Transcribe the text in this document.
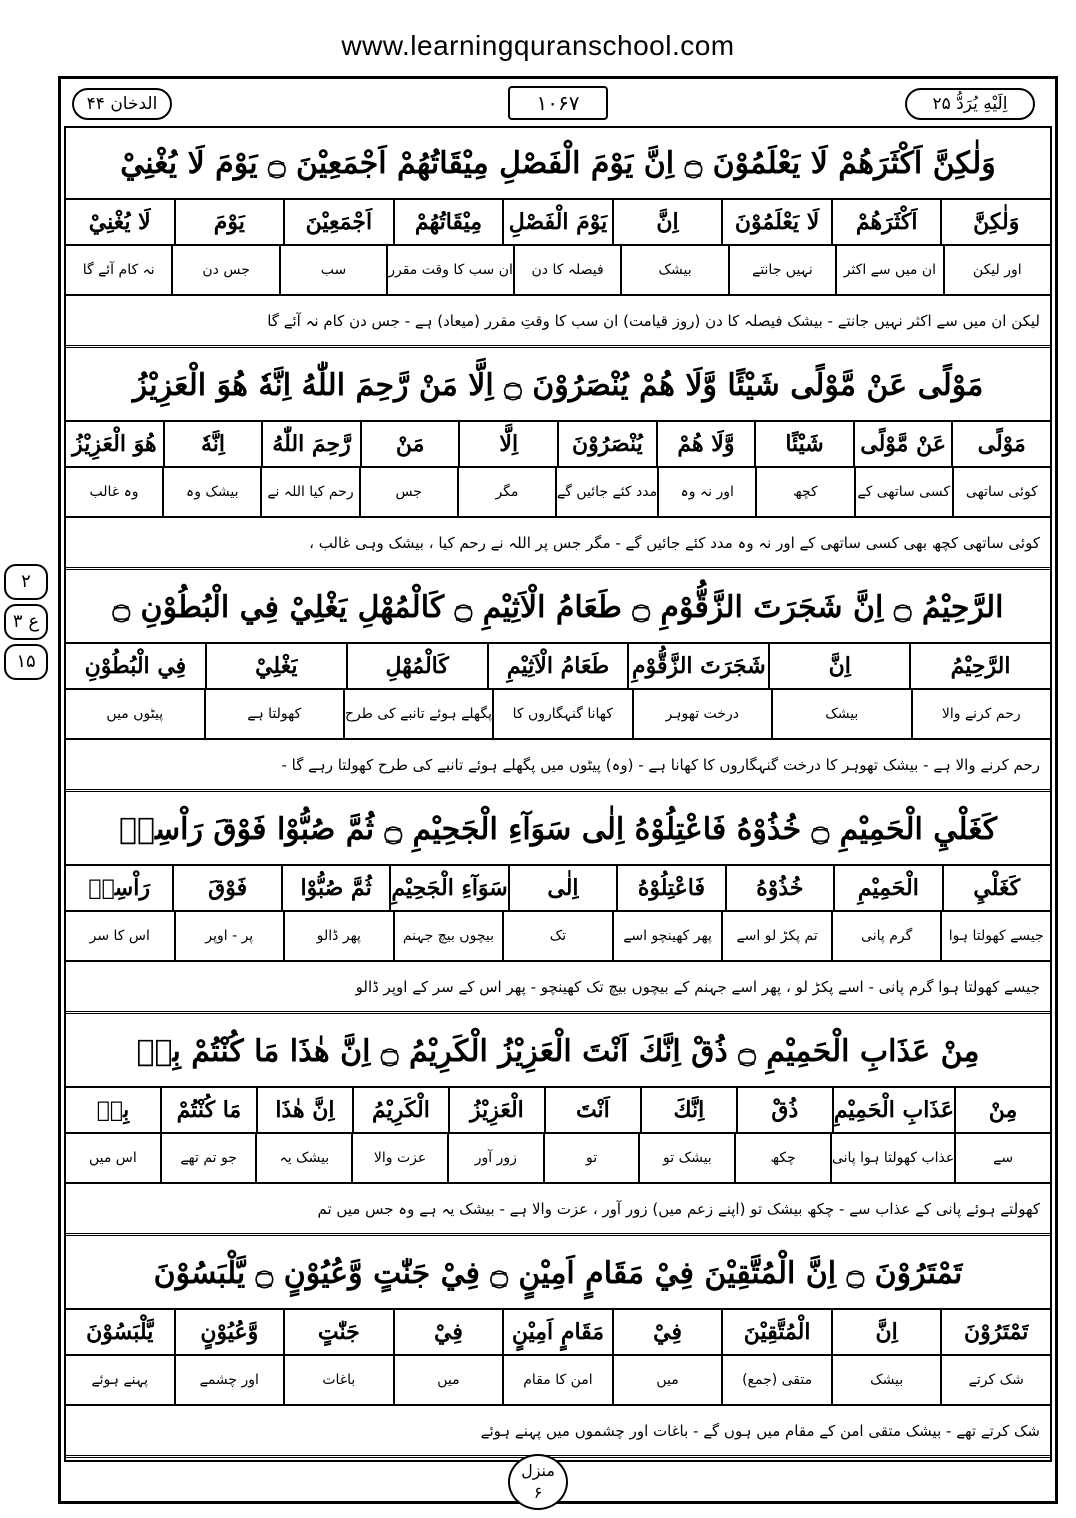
www.learningquranschool.com
الدخان ۴۴	۱۰۶۷	اِلَيْهِ يُرَدُّ ۲۵
۲
ع ۳
۱۵
وَلٰكِنَّ اَكْثَرَهُمْ لَا يَعْلَمُوْنَ ۝ اِنَّ يَوْمَ الْفَصْلِ مِيْقَاتُهُمْ اَجْمَعِيْنَ ۝ يَوْمَ لَا يُغْنِيْ
وَلٰكِنَّ
اَكْثَرَهُمْ
لَا يَعْلَمُوْنَ
اِنَّ
يَوْمَ الْفَصْلِ
مِيْقَاتُهُمْ
اَجْمَعِيْنَ
يَوْمَ
لَا يُغْنِيْ
اور لیکن
ان میں سے اکثر
نہیں جانتے
بیشک
فیصلہ کا دن
ان سب کا وقت مقرر
سب
جس دن
نہ کام آئے گا
لیکن ان میں سے اکثر نہیں جانتے - بیشک فیصلہ کا دن (روز قیامت) ان سب کا وقتِ مقرر (میعاد) ہے - جس دن کام نہ آئے گا
مَوْلًى عَنْ مَّوْلًى شَيْئًا وَّلَا هُمْ يُنْصَرُوْنَ ۝ اِلَّا مَنْ رَّحِمَ اللّٰهُ اِنَّهٗ هُوَ الْعَزِيْزُ
مَوْلًى
عَنْ مَّوْلًى
شَيْئًا
وَّلَا هُمْ
يُنْصَرُوْنَ
اِلَّا
مَنْ
رَّحِمَ اللّٰهُ
اِنَّهٗ
هُوَ الْعَزِيْزُ
کوئی ساتھی
کسی ساتھی کے
کچھ
اور نہ وہ
مدد کئے جائیں گے
مگر
جس
رحم کیا اللہ نے
بیشک وہ
وہ غالب
کوئی ساتھی کچھ بھی کسی ساتھی کے اور نہ وہ مدد کئے جائیں گے - مگر جس پر اللہ نے رحم کیا ، بیشک وہی غالب ،
الرَّحِيْمُ ۝ اِنَّ شَجَرَتَ الزَّقُّوْمِ ۝ طَعَامُ الْاَثِيْمِ ۝ كَالْمُهْلِ يَغْلِيْ فِي الْبُطُوْنِ ۝
الرَّحِيْمُ
اِنَّ
شَجَرَتَ الزَّقُّوْمِ
طَعَامُ الْاَثِيْمِ
كَالْمُهْلِ
يَغْلِيْ
فِي الْبُطُوْنِ
رحم کرنے والا
بیشک
درخت تھوہر
کھانا گنہگاروں کا
پگھلے ہوئے تانبے کی طرح
کھولتا ہے
پیٹوں میں
رحم کرنے والا ہے - بیشک تھوہر کا درخت گنہگاروں کا کھانا ہے - (وہ) پیٹوں میں پگھلے ہوئے تانبے کی طرح کھولتا رہے گا -
كَغَلْيِ الْحَمِيْمِ ۝ خُذُوْهُ فَاعْتِلُوْهُ اِلٰى سَوَآءِ الْجَحِيْمِ ۝ ثُمَّ صُبُّوْا فَوْقَ رَاْسِهٖ
كَغَلْيِ
الْحَمِيْمِ
خُذُوْهُ
فَاعْتِلُوْهُ
اِلٰى
سَوَآءِ الْجَحِيْمِ
ثُمَّ صُبُّوْا
فَوْقَ
رَاْسِهٖ
جیسے کھولتا ہوا
گرم پانی
تم پکڑ لو اسے
پھر کھینچو اسے
تک
بیچوں بیچ جہنم
پھر ڈالو
پر - اوپر
اس کا سر
جیسے کھولتا ہوا گرم پانی - اسے پکڑ لو ، پھر اسے جہنم کے بیچوں بیچ تک کھینچو - پھر اس کے سر کے اوپر ڈالو
مِنْ عَذَابِ الْحَمِيْمِ ۝ ذُقْ اِنَّكَ اَنْتَ الْعَزِيْزُ الْكَرِيْمُ ۝ اِنَّ هٰذَا مَا كُنْتُمْ بِهٖ
مِنْ
عَذَابِ الْحَمِيْمِ
ذُقْ
اِنَّكَ
اَنْتَ
الْعَزِيْزُ
الْكَرِيْمُ
اِنَّ هٰذَا
مَا كُنْتُمْ
بِهٖ
سے
عذاب کھولتا ہوا پانی
چکھ
بیشک تو
تو
زور آور
عزت والا
بیشک یہ
جو تم تھے
اس میں
کھولتے ہوئے پانی کے عذاب سے - چکھ بیشک تو (اپنے زعم میں) زور آور ، عزت والا ہے - بیشک یہ ہے وہ جس میں تم
تَمْتَرُوْنَ ۝ اِنَّ الْمُتَّقِيْنَ فِيْ مَقَامٍ اَمِيْنٍ ۝ فِيْ جَنّٰتٍ وَّعُيُوْنٍ ۝ يَّلْبَسُوْنَ
تَمْتَرُوْنَ
اِنَّ
الْمُتَّقِيْنَ
فِيْ
مَقَامٍ اَمِيْنٍ
فِيْ
جَنّٰتٍ
وَّعُيُوْنٍ
يَّلْبَسُوْنَ
شک کرتے
بیشک
متقی (جمع)
میں
امن کا مقام
میں
باغات
اور چشمے
پہنے ہوئے
شک کرتے تھے - بیشک متقی امن کے مقام میں ہوں گے - باغات اور چشموں میں پہنے ہوئے
منزل
۶
